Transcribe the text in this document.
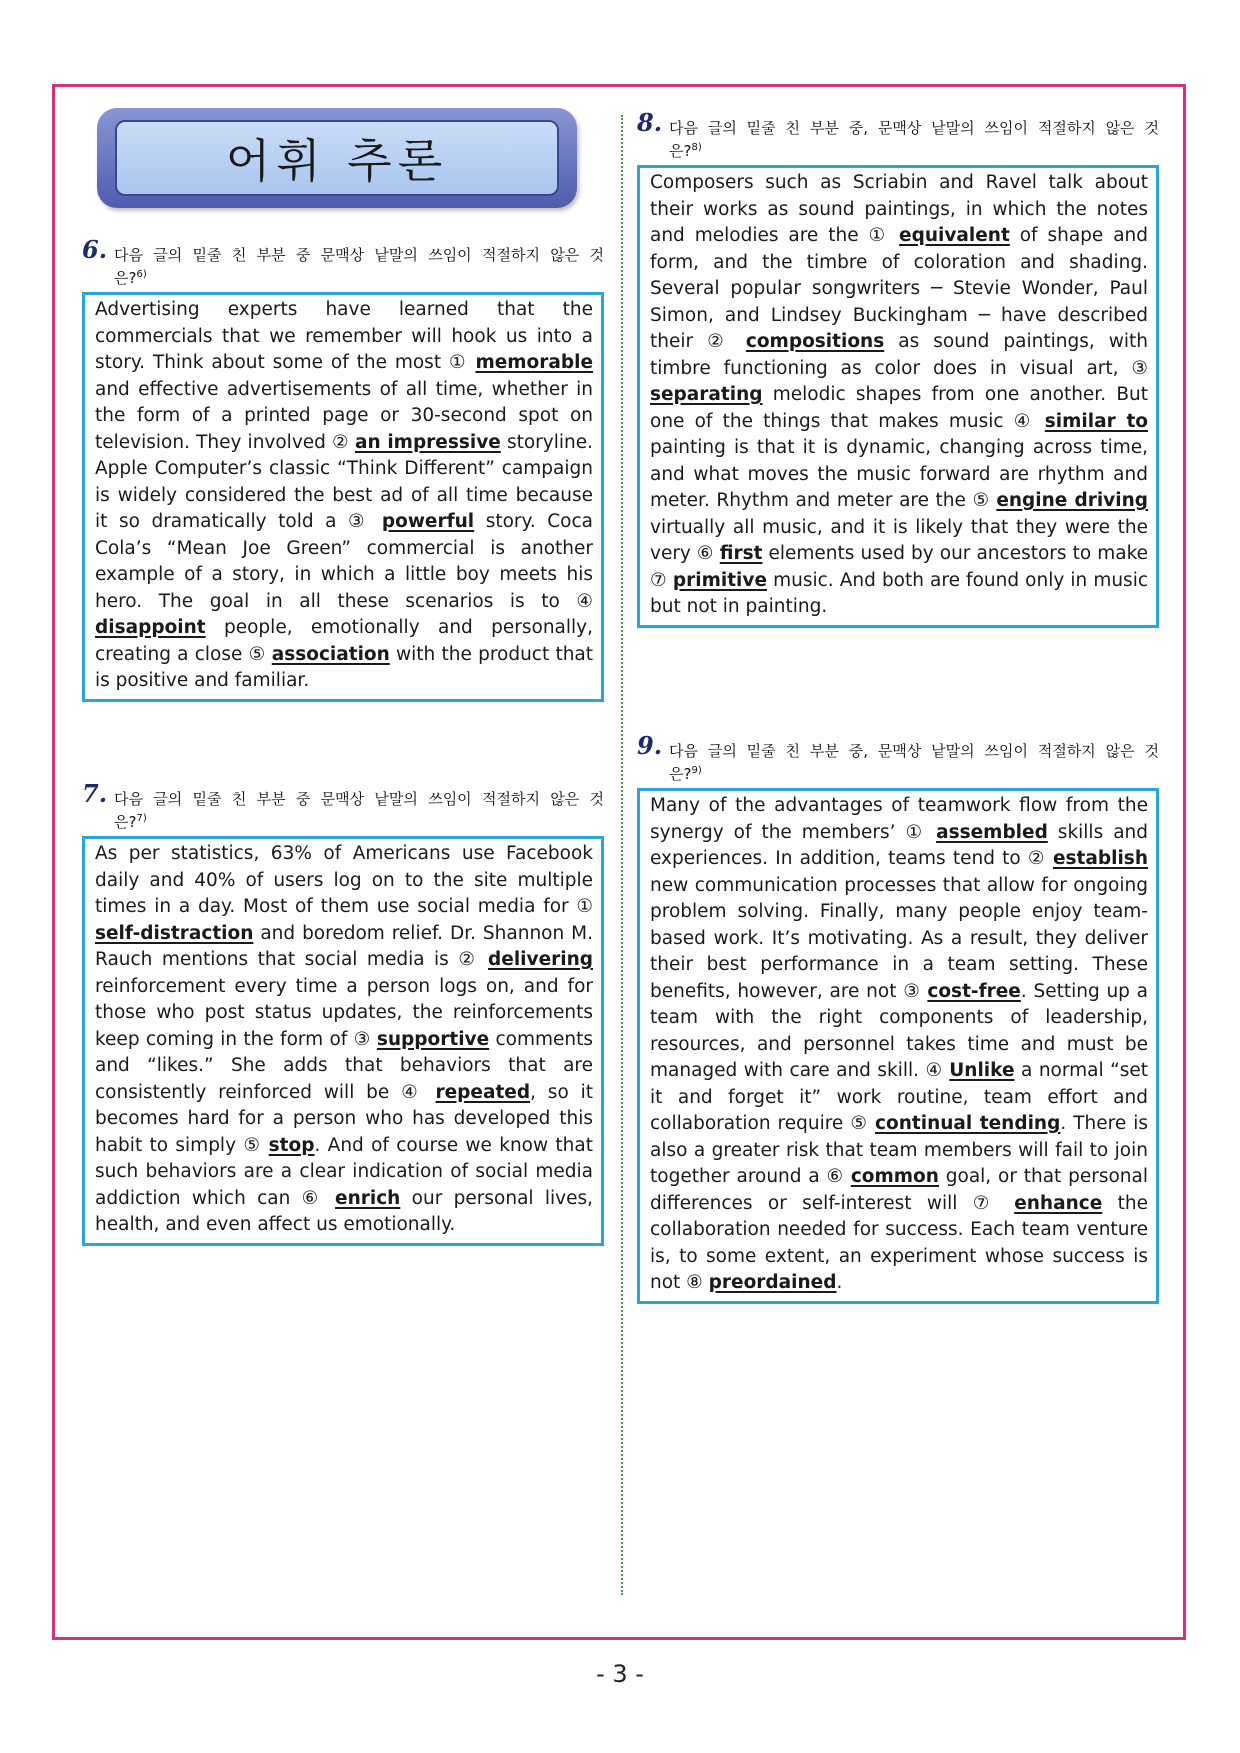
어휘 추론
6. 다음 글의 밑줄 친 부분 중 문맥상 낱말의 쓰임이 적절하지 않은 것
은?$^{6)}$
Advertising experts have learned that the commercials that we remember will hook us into a story. Think about some of the most ① memorable and effective advertisements of all time, whether in the form of a printed page or 30-second spot on television. They involved ② an impressive storyline. Apple Computer’s classic “Think Different” campaign is widely considered the best ad of all time because it so dramatically told a ③ powerful story. Coca Cola’s “Mean Joe Green” commercial is another example of a story, in which a little boy meets his hero. The goal in all these scenarios is to ④ disappoint people, emotionally and personally, creating a close ⑤ association with the product that is positive and familiar.
7. 다음 글의 밑줄 친 부분 중 문맥상 낱말의 쓰임이 적절하지 않은 것
은?$^{7)}$
As per statistics, 63% of Americans use Facebook daily and 40% of users log on to the site multiple times in a day. Most of them use social media for ① self-distraction and boredom relief. Dr. Shannon M. Rauch mentions that social media is ② delivering reinforcement every time a person logs on, and for those who post status updates, the reinforcements keep coming in the form of ③ supportive comments and “likes.” She adds that behaviors that are consistently reinforced will be ④ repeated, so it becomes hard for a person who has developed this habit to simply ⑤ stop. And of course we know that such behaviors are a clear indication of social media addiction which can ⑥ enrich our personal lives, health, and even affect us emotionally.
8. 다음 글의 밑줄 친 부분 중, 문맥상 낱말의 쓰임이 적절하지 않은 것
은?$^{8)}$
Composers such as Scriabin and Ravel talk about their works as sound paintings, in which the notes and melodies are the ① equivalent of shape and form, and the timbre of coloration and shading. Several popular songwriters ─ Stevie Wonder, Paul Simon, and Lindsey Buckingham ─ have described their ② compositions as sound paintings, with timbre functioning as color does in visual art, ③ separating melodic shapes from one another. But one of the things that makes music ④ similar to painting is that it is dynamic, changing across time, and what moves the music forward are rhythm and meter. Rhythm and meter are the ⑤ engine driving virtually all music, and it is likely that they were the very ⑥ first elements used by our ancestors to make ⑦ primitive music. And both are found only in music but not in painting.
9. 다음 글의 밑줄 친 부분 중, 문맥상 낱말의 쓰임이 적절하지 않은 것
은?$^{9)}$
Many of the advantages of teamwork flow from the synergy of the members’ ① assembled skills and experiences. In addition, teams tend to ② establish new communication processes that allow for ongoing problem solving. Finally, many people enjoy team-based work. It’s motivating. As a result, they deliver their best performance in a team setting. These benefits, however, are not ③ cost-free. Setting up a team with the right components of leadership, resources, and personnel takes time and must be managed with care and skill. ④ Unlike a normal “set it and forget it” work routine, team effort and collaboration require ⑤ continual tending. There is also a greater risk that team members will fail to join together around a ⑥ common goal, or that personal differences or self-interest will ⑦ enhance the collaboration needed for success. Each team venture is, to some extent, an experiment whose success is not ⑧ preordained.
- 3 -
